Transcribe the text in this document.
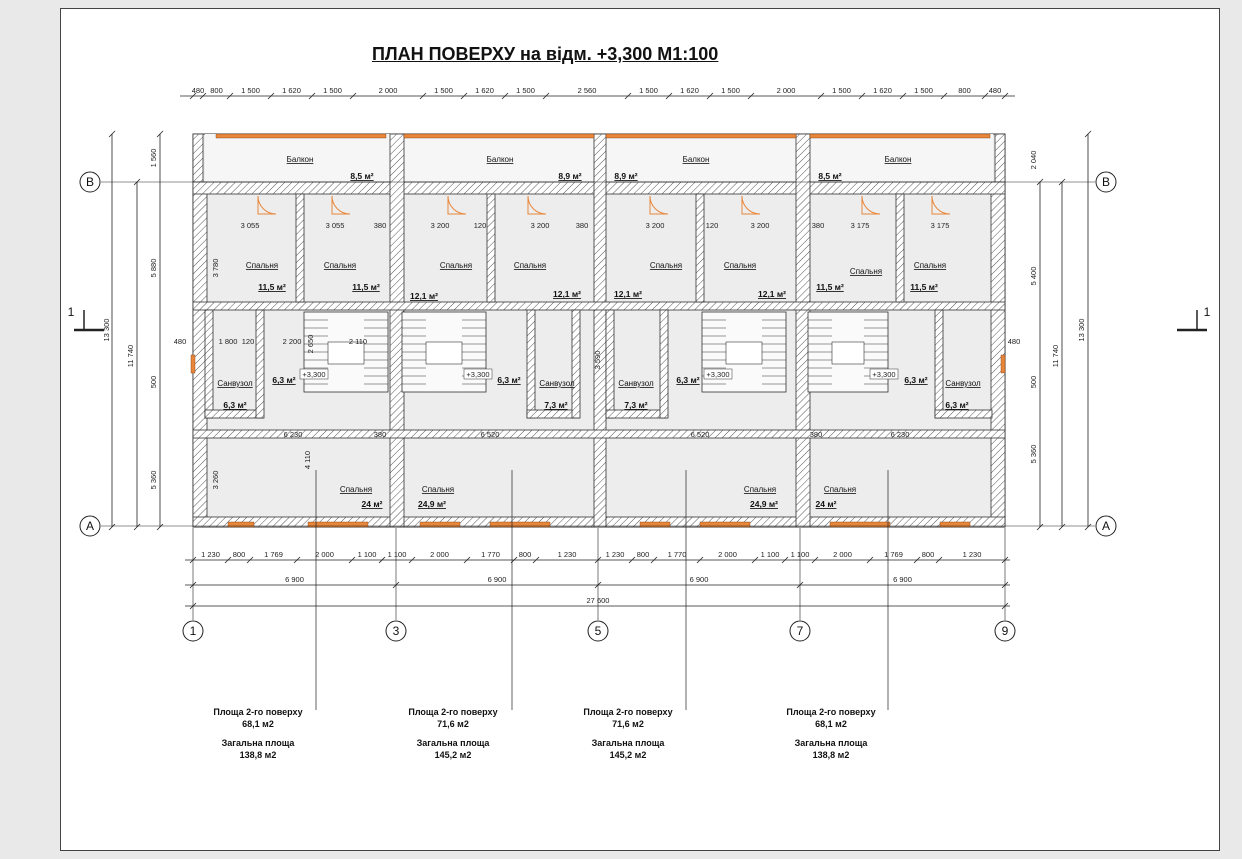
ПЛАН ПОВЕРХУ на відм. +3,300 М1:100
480 800 1 500	1 620	1 500	2 000	1 500	1 620	1 500	2 560	1 500	1 620	1 500	2 000	1 500	1 620	1 500	800 480
1 230 800	1 769	2 000	1 100 1 100	2 000	1 770	800	1 230	1 230 800 1 770	2 000	1 100 1 100	2 000	1 769	800	1 230
6 900	6 900	6 900	6 900
27 600
1	3	5	7	9
В	В
А	А
1 560
5 880
480
500
5 360
11 740
13 300
2 040
5 400
480
500
5 360
11 740
13 300
1	1
Балкон	Балкон	Балкон	Балкон
8,5 м²	8,9 м²	8,9 м²	8,5 м²
Спальня	Спальня	Спальня	Спальня	Спальня	Спальня
Спальня
Спальня
11,5 м²	11,5 м²
12,1 м²	12,1 м²	12,1 м²	12,1 м²
11,5 м²	11,5 м²
6,3 м²	6,3 м²	6,3 м²	6,3 м²
Санвузол	Санвузол	Санвузол	Санвузол
6,3 м²	7,3 м²	7,3 м²	6,3 м²
Спальня	Спальня	Спальня	Спальня
24 м²	24,9 м²	24,9 м²	24 м²
+3,300	+3,300	+3,300	+3,300
3 055	3 055	380	3 200	120	3 200	380	3 200	120	3 200	380	3 175	3 175
6 230	380	6 520	6 520	380	6 230
3 780
4 110
3 260
1 800 120	2 200	2 110
2 650
3 590
Площа 2-го поверху
68,1 м2
Загальна площа
138,8 м2
Площа 2-го поверху
71,6 м2
Загальна площа
145,2 м2
Площа 2-го поверху
71,6 м2
Загальна площа
145,2 м2
Площа 2-го поверху
68,1 м2
Загальна площа
138,8 м2
